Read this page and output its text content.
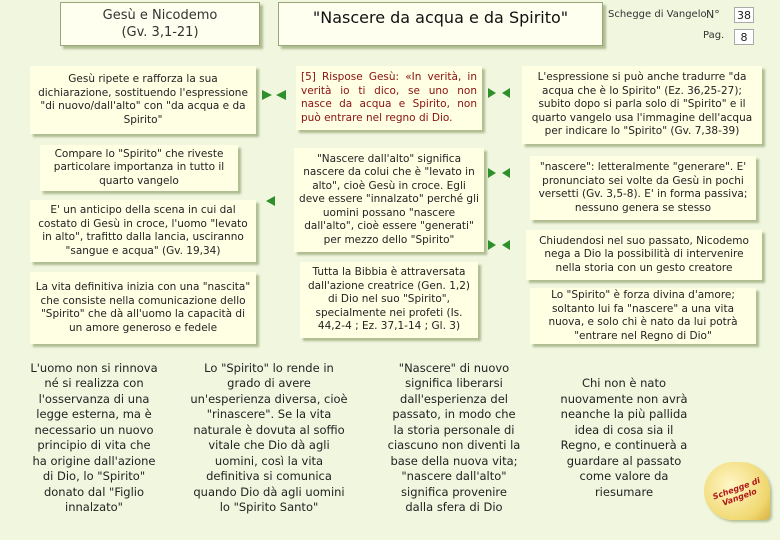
Gesù e Nicodemo
(Gv. 3,1-21)
"Nascere da acqua e da Spirito"	Schegge di Vangelo N° 38
Pag.	8
Gesù ripete e rafforza la sua dichiarazione, sostituendo l'espressione "di nuovo/dall'alto" con "da acqua e da Spirito"
Compare lo "Spirito" che riveste particolare importanza in tutto il quarto vangelo
E' un anticipo della scena in cui dal costato di Gesù in croce, l'uomo "levato in alto", trafitto dalla lancia, usciranno "sangue e acqua" (Gv. 19,34)
La vita definitiva inizia con una "nascita" che consiste nella comunicazione dello "Spirito" che dà all'uomo la capacità di un amore generoso e fedele
[5] Rispose Gesù: «In verità, in verità io ti dico, se uno non nasce da acqua e Spirito, non può entrare nel regno di Dio.
"Nascere dall'alto" significa nascere da colui che è "levato in alto", cioè Gesù in croce. Egli deve essere "innalzato" perché gli uomini possano "nascere dall'alto", cioè essere "generati" per mezzo dello "Spirito"
Tutta la Bibbia è attraversata dall'azione creatrice (Gen. 1,2) di Dio nel suo "Spirito", specialmente nei profeti (Is. 44,2-4 ; Ez. 37,1-14 ; Gl. 3)
L'espressione si può anche tradurre "da acqua che è lo Spirito" (Ez. 36,25-27); subito dopo si parla solo di "Spirito" e il quarto vangelo usa l'immagine dell'acqua per indicare lo "Spirito" (Gv. 7,38-39)
"nascere": letteralmente "generare". E' pronunciato sei volte da Gesù in pochi versetti (Gv. 3,5-8). E' in forma passiva; nessuno genera se stesso
Chiudendosi nel suo passato, Nicodemo nega a Dio la possibilità di intervenire nella storia con un gesto creatore
Lo "Spirito" è forza divina d'amore; soltanto lui fa "nascere" a una vita nuova, e solo chi è nato da lui potrà "entrare nel Regno di Dio"
L'uomo non si rinnova né si realizza con l'osservanza di una legge esterna, ma è necessario un nuovo principio di vita che ha origine dall'azione di Dio, lo "Spirito" donato dal "Figlio innalzato"
Lo "Spirito" lo rende in grado di avere un'esperienza diversa, cioè "rinascere". Se la vita naturale è dovuta al soffio vitale che Dio dà agli uomini, così la vita definitiva si comunica quando Dio dà agli uomini lo "Spirito Santo"
"Nascere" di nuovo significa liberarsi dall'esperienza del passato, in modo che la storia personale di ciascuno non diventi la base della nuova vita; "nascere dall'alto" significa provenire dalla sfera di Dio
Chi non è nato nuovamente non avrà neanche la più pallida idea di cosa sia il Regno, e continuerà a guardare al passato come valore da riesumare	Schegge di Vangelo
